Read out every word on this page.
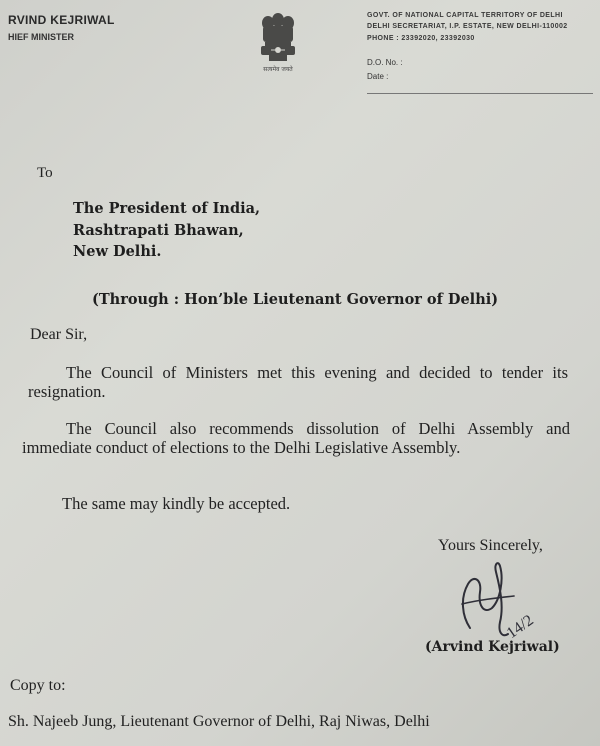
RVIND KEJRIWAL
HIEF MINISTER
सत्यमेव जयते
GOVT. OF NATIONAL CAPITAL TERRITORY OF DELHI
DELHI SECRETARIAT, I.P. ESTATE, NEW DELHI-110002
PHONE : 23392020, 23392030
D.O. No. :
Date :
To
The President of India,
Rashtrapati Bhawan,
New Delhi.
(Through : Hon’ble Lieutenant Governor of Delhi)
Dear Sir,
The Council of Ministers met this evening and decided to tender its resignation.
The Council also recommends dissolution of Delhi Assembly and immediate conduct of elections to the Delhi Legislative Assembly.
The same may kindly be accepted.
Yours Sincerely,
14/2
(Arvind Kejriwal)
Copy to:
Sh. Najeeb Jung, Lieutenant Governor of Delhi, Raj Niwas, Delhi
